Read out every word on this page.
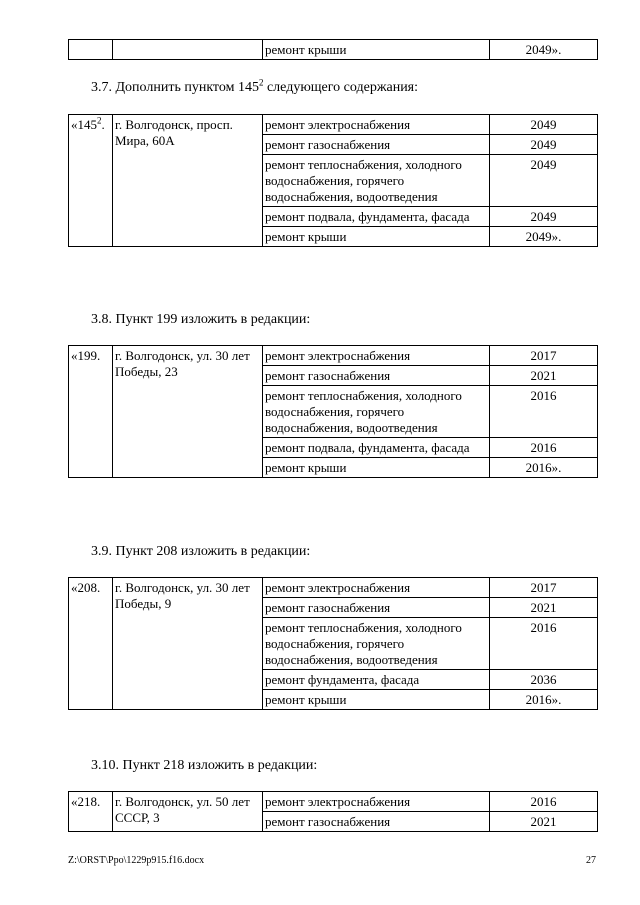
		ремонт крыши	2049».
3.7. Дополнить пунктом $145^2$ следующего содержания:
«$145^2$.	г. Волгодонск, просп. Мира, 60А	ремонт электроснабжения	2049
		ремонт газоснабжения	2049
		ремонт теплоснабжения, холодного водоснабжения, горячего водоснабжения, водоотведения	2049
		ремонт подвала, фундамента, фасада	2049
		ремонт крыши	2049».
3.8. Пункт 199 изложить в редакции:
«199.	г. Волгодонск, ул. 30 лет Победы, 23	ремонт электроснабжения	2017
		ремонт газоснабжения	2021
		ремонт теплоснабжения, холодного водоснабжения, горячего водоснабжения, водоотведения	2016
		ремонт подвала, фундамента, фасада	2016
		ремонт крыши	2016».
3.9. Пункт 208 изложить в редакции:
«208.	г. Волгодонск, ул. 30 лет Победы, 9	ремонт электроснабжения	2017
		ремонт газоснабжения	2021
		ремонт теплоснабжения, холодного водоснабжения, горячего водоснабжения, водоотведения	2016
		ремонт фундамента, фасада	2036
		ремонт крыши	2016».
3.10. Пункт 218 изложить в редакции:
«218.	г. Волгодонск, ул. 50 лет СССР, 3	ремонт электроснабжения	2016
		ремонт газоснабжения	2021
Z:\ORST\Ppo\1229p915.f16.docx	27
